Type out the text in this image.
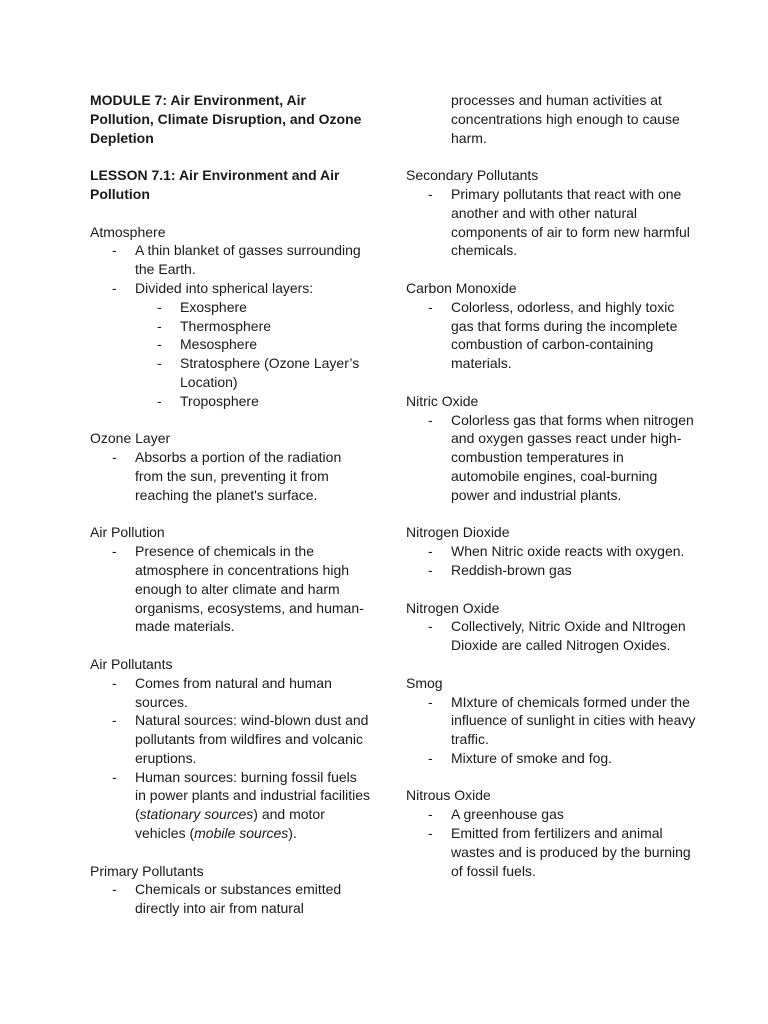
MODULE 7: Air Environment, Air Pollution, Climate Disruption, and Ozone Depletion

LESSON 7.1: Air Environment and Air Pollution

Atmosphere

- A thin blanket of gasses surrounding the Earth.
- Divided into spherical layers:
- Exosphere
- Thermosphere
- Mesosphere
- Stratosphere (Ozone Layer’s Location)
- Troposphere

Ozone Layer

- Absorbs a portion of the radiation from the sun, preventing it from reaching the planet's surface.

Air Pollution

- Presence of chemicals in the atmosphere in concentrations high enough to alter climate and harm organisms, ecosystems, and human-made materials.

Air Pollutants

- Comes from natural and human sources.
- Natural sources: wind-blown dust and pollutants from wildfires and volcanic eruptions.
- Human sources: burning fossil fuels in power plants and industrial facilities (stationary sources) and motor vehicles (mobile sources).

Primary Pollutants

- Chemicals or substances emitted directly into air from natural

processes and human activities at concentrations high enough to cause harm.

Secondary Pollutants

- Primary pollutants that react with one another and with other natural components of air to form new harmful chemicals.

Carbon Monoxide

- Colorless, odorless, and highly toxic gas that forms during the incomplete combustion of carbon-containing materials.

Nitric Oxide

- Colorless gas that forms when nitrogen and oxygen gasses react under high-combustion temperatures in automobile engines, coal-burning power and industrial plants.

Nitrogen Dioxide

- When Nitric oxide reacts with oxygen.
- Reddish-brown gas

Nitrogen Oxide

- Collectively, Nitric Oxide and NItrogen Dioxide are called Nitrogen Oxides.

Smog

- MIxture of chemicals formed under the influence of sunlight in cities with heavy traffic.
- Mixture of smoke and fog.

Nitrous Oxide

- A greenhouse gas
- Emitted from fertilizers and animal wastes and is produced by the burning of fossil fuels.
